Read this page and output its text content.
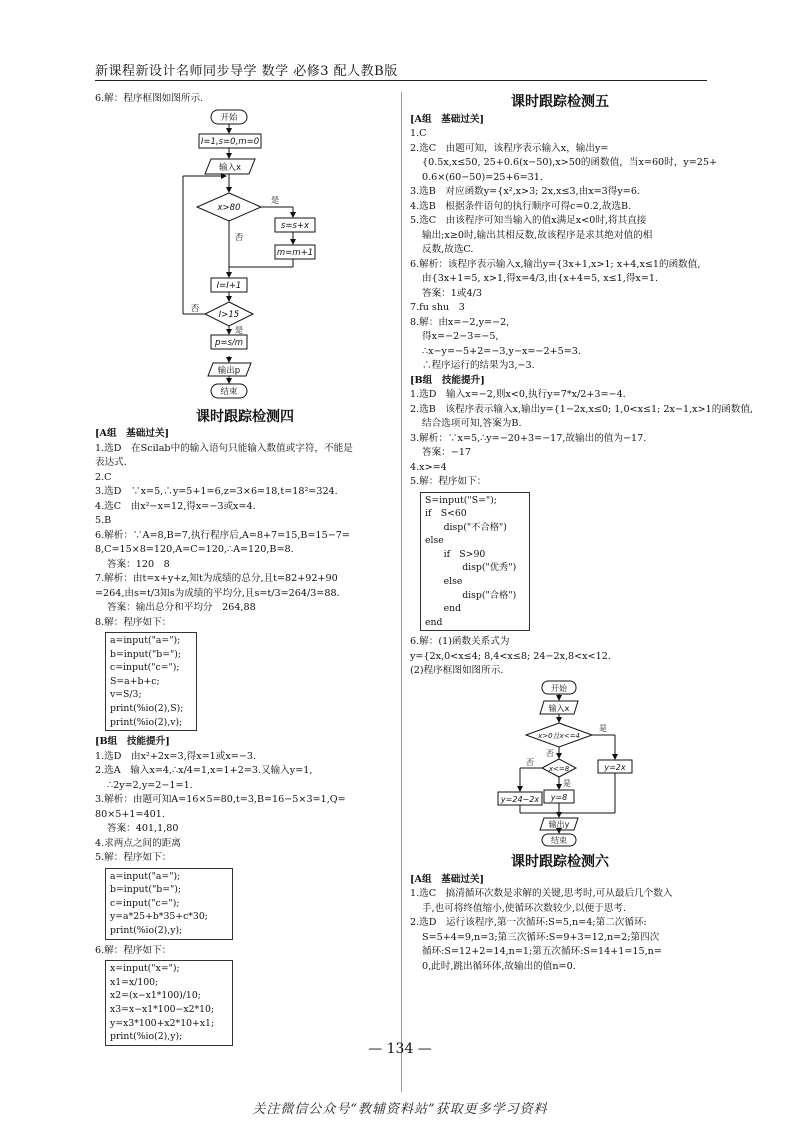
新课程新设计名师同步导学 数学 必修3 配人教B版
6.解：程序框图如图所示.
开始
I=1,s=0,m=0
输入x
x>80
是
否
s=s+x
m=m+1
I=I+1
I>15
否
是
p=s/m

输出p
结束
课时跟踪检测四
[A组　基础过关]
1.选D　在Scilab中的输入语句只能输入数值或字符，不能是
表达式.
2.C
3.选D　∵x=5,∴y=5+1=6,z=3×6=18,t=18²=324.
4.选C　由x²−x=12,得x=−3或x=4.
5.B
6.解析：∵A=8,B=7,执行程序后,A=8+7=15,B=15−7=
8,C=15×8=120,A=C=120,∴A=120,B=8.
答案：120　8
7.解析：由t=x+y+z,知t为成绩的总分,且t=82+92+90
=264,由s=t/3知s为成绩的平均分,且s=t/3=264/3=88.
答案：输出总分和平均分　264,88
8.解：程序如下：
a=input("a=");
b=input("b=");
c=input("c=");
S=a+b+c;
v=S/3;
print(%io(2),S);
print(%io(2),v);
[B组　技能提升]
1.选D　由x²+2x=3,得x=1或x=−3.
2.选A　输入x=4,∴x/4=1,x=1+2=3.又输入y=1,
∴2y=2,y=2−1=1.
3.解析：由题可知A=16×5=80,t=3,B=16−5×3=1,Q=
80×5+1=401.
答案：401,1,80
4.求两点之间的距离
5.解：程序如下：
a=input("a=");
b=input("b=");
c=input("c=");
y=a*25+b*35+c*30;
print(%io(2),y);
6.解：程序如下：
x=input("x=");
x1=x/100;
x2=(x−x1*100)/10;
x3=x−x1*100−x2*10;
y=x3*100+x2*10+x1;
print(%io(2),y);
课时跟踪检测五
[A组　基础过关]
1.C
2.选C　由题可知，该程序表示输入x，输出y=
{0.5x,x≤50, 25+0.6(x−50),x>50的函数值，当x=60时，y=25+
0.6×(60−50)=25+6=31.
3.选B　对应函数y={x²,x>3; 2x,x≤3,由x=3得y=6.
4.选B　根据条件语句的执行顺序可得c=0.2,故选B.
5.选C　由该程序可知当输入的值x满足x<0时,将其直接
输出;x≥0时,输出其相反数,故该程序是求其绝对值的相
反数,故选C.
6.解析：该程序表示输入x,输出y={3x+1,x>1; x+4,x≤1的函数值,
由{3x+1=5, x>1,得x=4/3,由{x+4=5, x≤1,得x=1.
答案：1或4/3
7.fu shu　3
8.解：由x=−2,y=−2,
得x=−2−3=−5,
∴x−y=−5+2=−3,y−x=−2+5=3.
∴程序运行的结果为3,−3.
[B组　技能提升]
1.选D　输入x=−2,则x<0,执行y=7*x/2+3=−4.
2.选B　该程序表示输入x,输出y={1−2x,x≤0; 1,0<x≤1; 2x−1,x>1的函数值,
结合选项可知,答案为B.
3.解析：∵x=5,∴y=−20+3=−17,故输出的值为−17.
答案：−17
4.x>=4
5.解：程序如下：
S=input("S=");
if　S<60
　　disp("不合格")
else
　　if　S>90
　　　　disp("优秀")
　　else
　　　　disp("合格")
　　end
end
6.解：(1)函数关系式为
y={2x,0<x≤4; 8,4<x≤8; 24−2x,8<x<12.
(2)程序框图如图所示.
开始
输入x
x>0且x<=4
是
否
x<=8
是
否
y=2x
y=8
y=24−2x
输出y
结束
课时跟踪检测六
[A组　基础过关]
1.选C　搞清循环次数是求解的关键,思考时,可从最后几个数入
手,也可将终值缩小,使循环次数较少,以便于思考.
2.选D　运行该程序,第一次循环:S=5,n=4;第二次循环:
S=5+4=9,n=3;第三次循环:S=9+3=12,n=2;第四次
循环:S=12+2=14,n=1;第五次循环:S=14+1=15,n=
0,此时,跳出循环体,故输出的值n=0.
— 134 —
关注微信公众号“教辅资料站”获取更多学习资料
